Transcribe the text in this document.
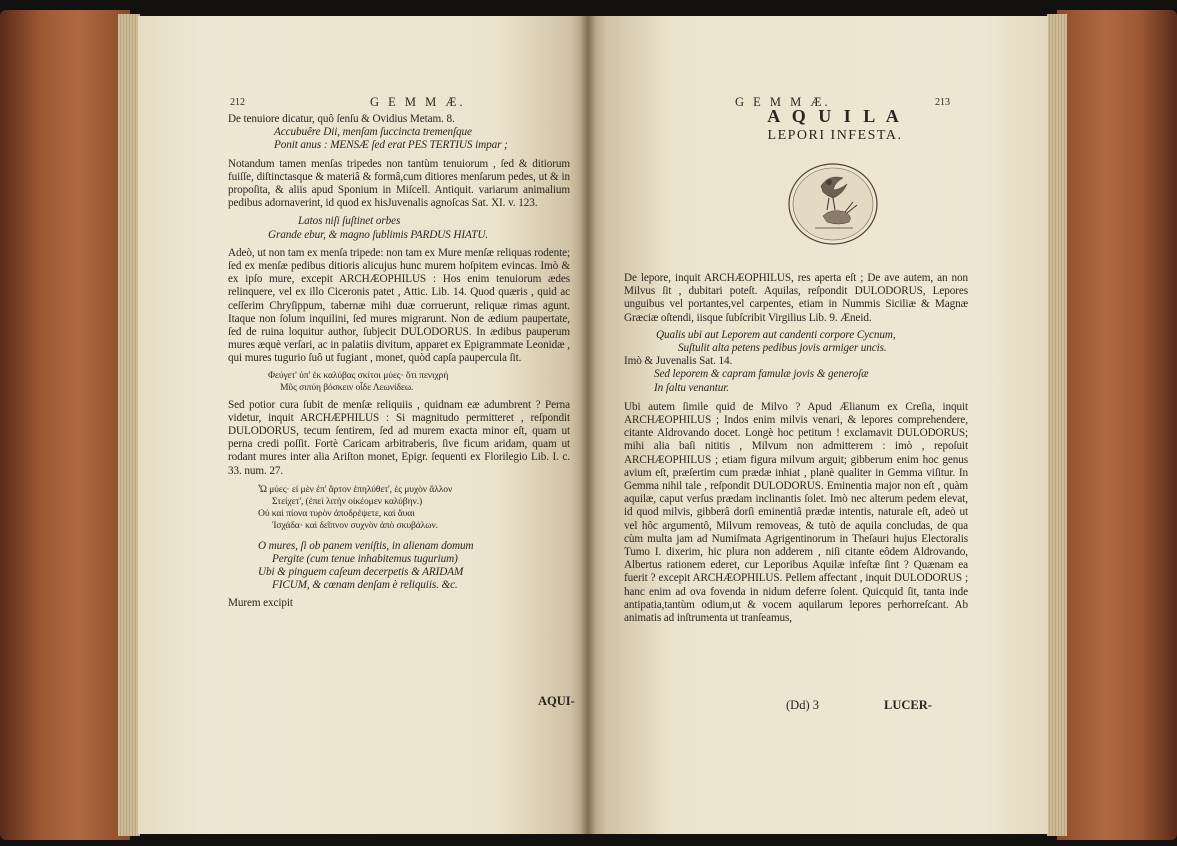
212	G E M M Æ.

De tenuiore dicatur, quô ſenſu & Ovidius Metam. 8.

Accubuêre Dii, menſam ſuccincta tremenſque

Ponit anus : MENSÆ ſed erat PES TERTIUS impar ;

Notandum tamen menſas tripedes non tantùm tenuiorum , ſed & ditiorum fuiſſe, diſtinctasque & materiâ & formâ,cum ditiores menſarum pedes, ut & in propoſita, & aliis apud Sponium in Miſcell. Antiquit. variarum animalium pedibus adornaverint, id quod ex hisJuvenalis agnoſcas Sat. XI. v. 123.

Latos niſi ſuſtinet orbes

Grande ebur, & magno ſublimis PARDUS HIATU.

Adeò, ut non tam ex menſa tripede: non tam ex Mure menſæ reliquas rodente; ſed ex menſæ pedibus ditioris alicujus hunc murem hoſpitem evincas. Imò & ex ipſo mure, excepit ARCHÆOPHILUS : Hos enim tenuiorum ædes relinquere, vel ex illo Ciceronis patet , Attic. Lib. 14. Quod quæris , quid ac ceſſerim Chryſippum, tabernæ mihi duæ corruerunt, reliquæ rimas agunt. Itaque non ſolum inquilini, ſed mures migrarunt. Non de ædium paupertate, ſed de ruina loquitur author, ſubjecit DULODORUS. In ædibus pauperum mures æquè verſari, ac in palatiis divitum, apparet ex Epigrammate Leonidæ , qui mures tugurio ſuô ut fugiant , monet, quòd capſa paupercula ſit.

Φεύγετ' ὑπ' ἐκ καλύβας σκίτοι μύες· ὅτι πενιχρή

Μῦς σιπύη βόσκειν οἶδε Λεωνίδεω.

Sed potior cura ſubit de menſæ reliquiis , quidnam eæ adumbrent ? Perna videtur, inquit ARCHÆPHILUS : Si magnitudo permitteret , reſpondit DULODORUS, tecum ſentirem, ſed ad murem exacta minor eſt, quam ut perna credi poſſit. Fortè Caricam arbitraberis, ſive ficum aridam, quam ut rodant mures inter alia Ariſton monet, Epigr. ſequenti ex Florilegio Lib. I. c. 33. num. 27.

Ὦ μύες· εἰ μὲν ἐπ' ἄρτον ἐπηλύθετ', ἐς μυχὸν ἄλλον

Στείχετ', (ἐπεὶ λιτὴν οἰκέομεν καλύβην.)

Οὐ καὶ πίονα τυρὸν ἀποδρέψετε, καὶ ἄυαι

Ἰσχάδα· καὶ δεῖπνον συχνὸν ἀπὸ σκυβάλων.

O mures, ſi ob panem veniſtis, in alienam domum

Pergite (cum tenue inhabitemus tugurium)

Ubi & pinguem caſeum decerpetis & ARIDAM

FICUM, & cœnam denſam è reliquiis. &c.

Murem excipit

AQUI-
G E M M Æ.	213
A Q U I L A
LEPORI INFESTA.

De lepore, inquit ARCHÆOPHILUS, res aperta eſt ; De ave autem, an non Milvus ſit , dubitari poteſt. Aquilas, reſpondit DULODORUS, Lepores unguibus vel portantes,vel carpentes, etiam in Nummis Siciliæ & Magnæ Græciæ oſtendi, iisque ſubſcribit Virgilius Lib. 9. Æneid.

Qualis ubi aut Leporem aut candenti corpore Cycnum,

Suſtulit alta petens pedibus jovis armiger uncis.

Imò & Juvenalis Sat. 14.

Sed leporem & capram famulæ jovis & generoſæ

In ſaltu venantur.

Ubi autem ſimile quid de Milvo ? Apud Ælianum ex Creſia, inquit ARCHÆOPHILUS ; Indos enim milvis venari, & lepores comprehendere, citante Aldrovando docet. Longè hoc petitum ! exclamavit DULODORUS; mihi alia baſi nititis , Milvum non admitterem : imò , repoſuit ARCHÆOPHILUS ; etiam figura milvum arguit; gibberum enim hoc genus avium eſt, præſertim cum prædæ inhiat , planè qualiter in Gemma viſitur. In Gemma nihil tale , reſpondit DULODORUS. Eminentia major non eſt , quàm aquilæ, caput verſus prædam inclinantis ſolet. Imò nec alterum pedem elevat, id quod milvis, gibberâ dorſi eminentiâ prædæ intentis, naturale eſt, adeò ut vel hôc argumentô, Milvum removeas, & tutò de aquila concludas, de qua cùm multa jam ad Numiſmata Agrigentinorum in Theſauri hujus Electoralis Tumo I. dixerim, hic plura non adderem , niſi citante eôdem Aldrovando, Albertus rationem ederet, cur Leporibus Aquilæ infeſtæ ſint ? Quænam ea fuerit ? excepit ARCHÆOPHILUS. Pellem affectant , inquit DULODORUS ; hanc enim ad ova fovenda in nidum deferre ſolent. Quicquid ſit, tanta inde antipatia,tantùm odium,ut & vocem aquilarum lepores perhorreſcant. Ab animatis ad inſtrumenta ut tranſeamus,

(Dd) 3	LUCER-
